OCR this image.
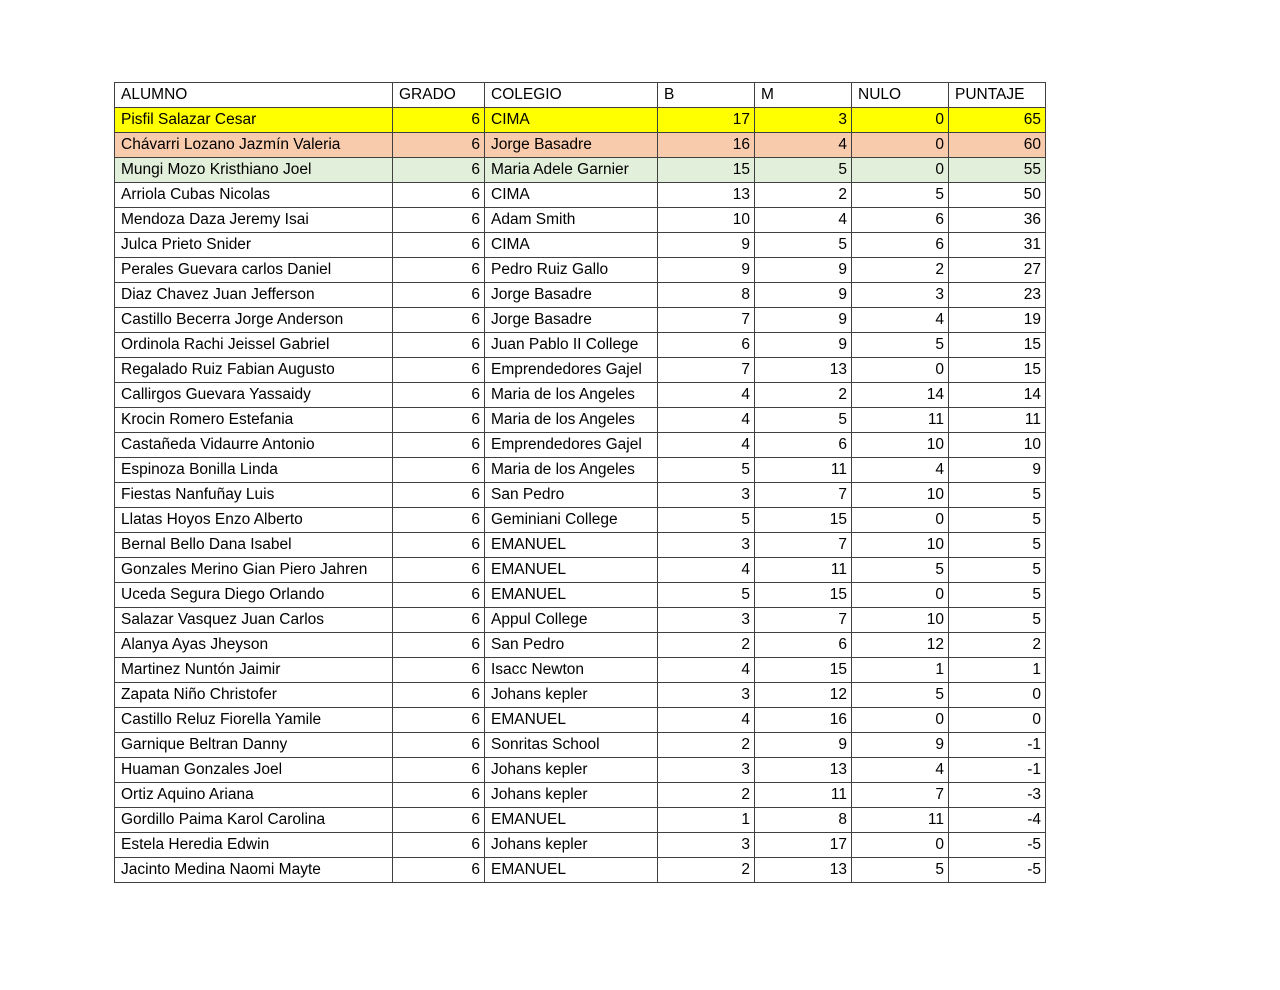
ALUMNO	GRADO	COLEGIO	B	M	NULO	PUNTAJE
Pisfil Salazar Cesar	6	CIMA	17	3	0	65
Chávarri Lozano Jazmín Valeria	6	Jorge Basadre	16	4	0	60
Mungi Mozo Kristhiano Joel	6	Maria Adele Garnier	15	5	0	55
Arriola Cubas Nicolas	6	CIMA	13	2	5	50
Mendoza Daza Jeremy Isai	6	Adam Smith	10	4	6	36
Julca Prieto Snider	6	CIMA	9	5	6	31
Perales Guevara carlos Daniel	6	Pedro Ruiz Gallo	9	9	2	27
Diaz Chavez Juan Jefferson	6	Jorge Basadre	8	9	3	23
Castillo Becerra Jorge Anderson	6	Jorge Basadre	7	9	4	19
Ordinola Rachi Jeissel Gabriel	6	Juan Pablo II College	6	9	5	15
Regalado Ruiz Fabian Augusto	6	Emprendedores Gajel	7	13	0	15
Callirgos Guevara Yassaidy	6	Maria de los Angeles	4	2	14	14
Krocin Romero Estefania	6	Maria de los Angeles	4	5	11	11
Castañeda Vidaurre Antonio	6	Emprendedores Gajel	4	6	10	10
Espinoza Bonilla Linda	6	Maria de los Angeles	5	11	4	9
Fiestas Nanfuñay Luis	6	San Pedro	3	7	10	5
Llatas Hoyos Enzo Alberto	6	Geminiani College	5	15	0	5
Bernal Bello Dana Isabel	6	EMANUEL	3	7	10	5
Gonzales Merino Gian Piero Jahren	6	EMANUEL	4	11	5	5
Uceda Segura Diego Orlando	6	EMANUEL	5	15	0	5
Salazar Vasquez Juan Carlos	6	Appul College	3	7	10	5
Alanya Ayas Jheyson	6	San Pedro	2	6	12	2
Martinez Nuntón Jaimir	6	Isacc Newton	4	15	1	1
Zapata Niño Christofer	6	Johans kepler	3	12	5	0
Castillo Reluz Fiorella Yamile	6	EMANUEL	4	16	0	0
Garnique Beltran Danny	6	Sonritas School	2	9	9	-1
Huaman Gonzales Joel	6	Johans kepler	3	13	4	-1
Ortiz Aquino Ariana	6	Johans kepler	2	11	7	-3
Gordillo Paima Karol Carolina	6	EMANUEL	1	8	11	-4
Estela Heredia Edwin	6	Johans kepler	3	17	0	-5
Jacinto Medina Naomi Mayte	6	EMANUEL	2	13	5	-5
